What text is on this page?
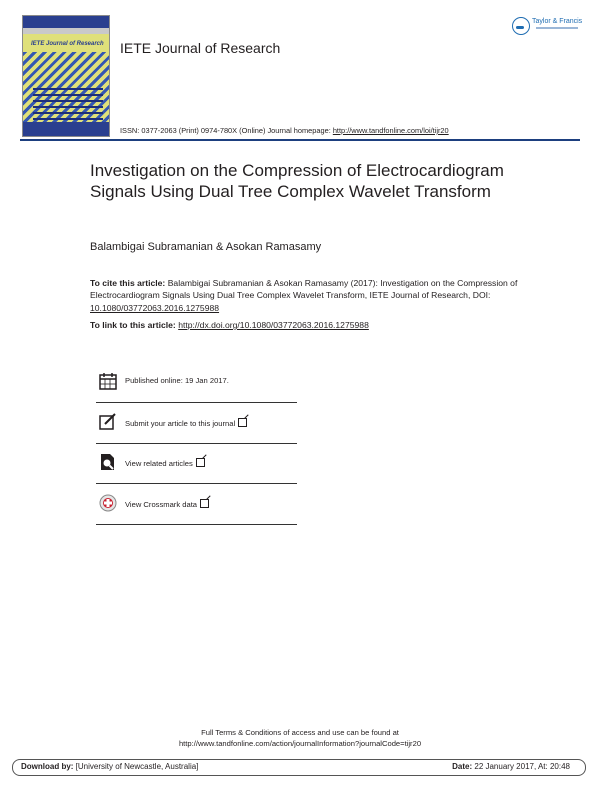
IETE Journal of Research IETE Journal of Research
Taylor & Francis
ISSN: 0377-2063 (Print) 0974-780X (Online) Journal homepage: http://www.tandfonline.com/loi/tijr20
Investigation on the Compression of Electrocardiogram Signals Using Dual Tree Complex Wavelet Transform
Balambigai Subramanian & Asokan Ramasamy
To cite this article: Balambigai Subramanian & Asokan Ramasamy (2017): Investigation on the Compression of Electrocardiogram Signals Using Dual Tree Complex Wavelet Transform, IETE Journal of Research, DOI: 10.1080/03772063.2016.1275988
To link to this article: http://dx.doi.org/10.1080/03772063.2016.1275988
Published online: 19 Jan 2017.
Submit your article to this journal
View related articles
View Crossmark data
Full Terms & Conditions of access and use can be found at
http://www.tandfonline.com/action/journalInformation?journalCode=tijr20
Download by: [University of Newcastle, Australia]	Date: 22 January 2017, At: 20:48
